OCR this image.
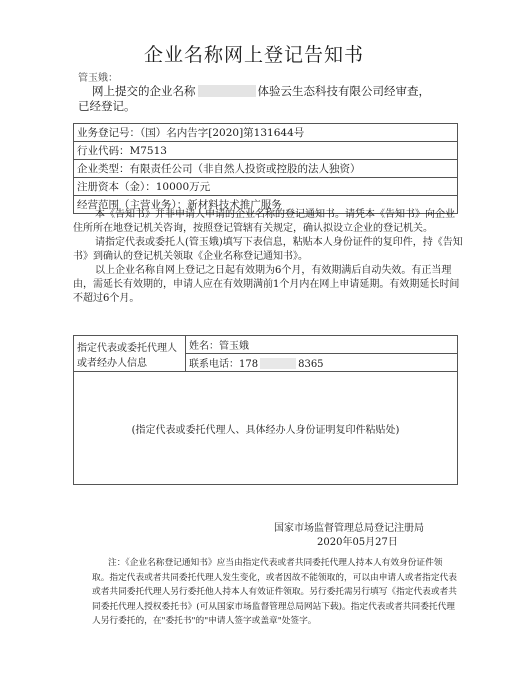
企业名称网上登记告知书
管玉娥：
网上提交的企业名称	体验云生态科技有限公司经审查，
已经登记。
业务登记号：（国）名内告字[2020]第131644号
行业代码：M7513
企业类型：有限责任公司（非自然人投资或控股的法人独资）
注册资本（金）：10000万元
经营范围（主营业务）：新材料技术推广服务

本《告知书》并非申请人申请的企业名称的登记通知书。请凭本《告知书》向企业住所所在地登记机关咨询，按照登记管辖有关规定，确认拟设立企业的登记机关。

请指定代表或委托人(管玉娥)填写下表信息，粘贴本人身份证件的复印件，持《告知书》到确认的登记机关领取《企业名称登记通知书》。

以上企业名称自网上登记之日起有效期为6个月，有效期满后自动失效。有正当理由，需延长有效期的，申请人应在有效期满前1个月内在网上申请延期。有效期延长时间不超过6个月。

指定代表或委托代理人或者经办人信息	姓名：管玉娥
联系电话：178	8365
(指定代表或委托代理人、具体经办人身份证明复印件粘贴处)
国家市场监督管理总局登记注册局
2020年05月27日
注：《企业名称登记通知书》应当由指定代表或者共同委托代理人持本人有效身份证件领取。指定代表或者共同委托代理人发生变化，或者因故不能领取的，可以由申请人或者指定代表或者共同委托代理人另行委托他人持本人有效证件领取。另行委托需另行填写《指定代表或者共同委托代理人授权委托书》(可从国家市场监督管理总局网站下载)。指定代表或者共同委托代理人另行委托的，在"委托书"的"申请人签字或盖章"处签字。
